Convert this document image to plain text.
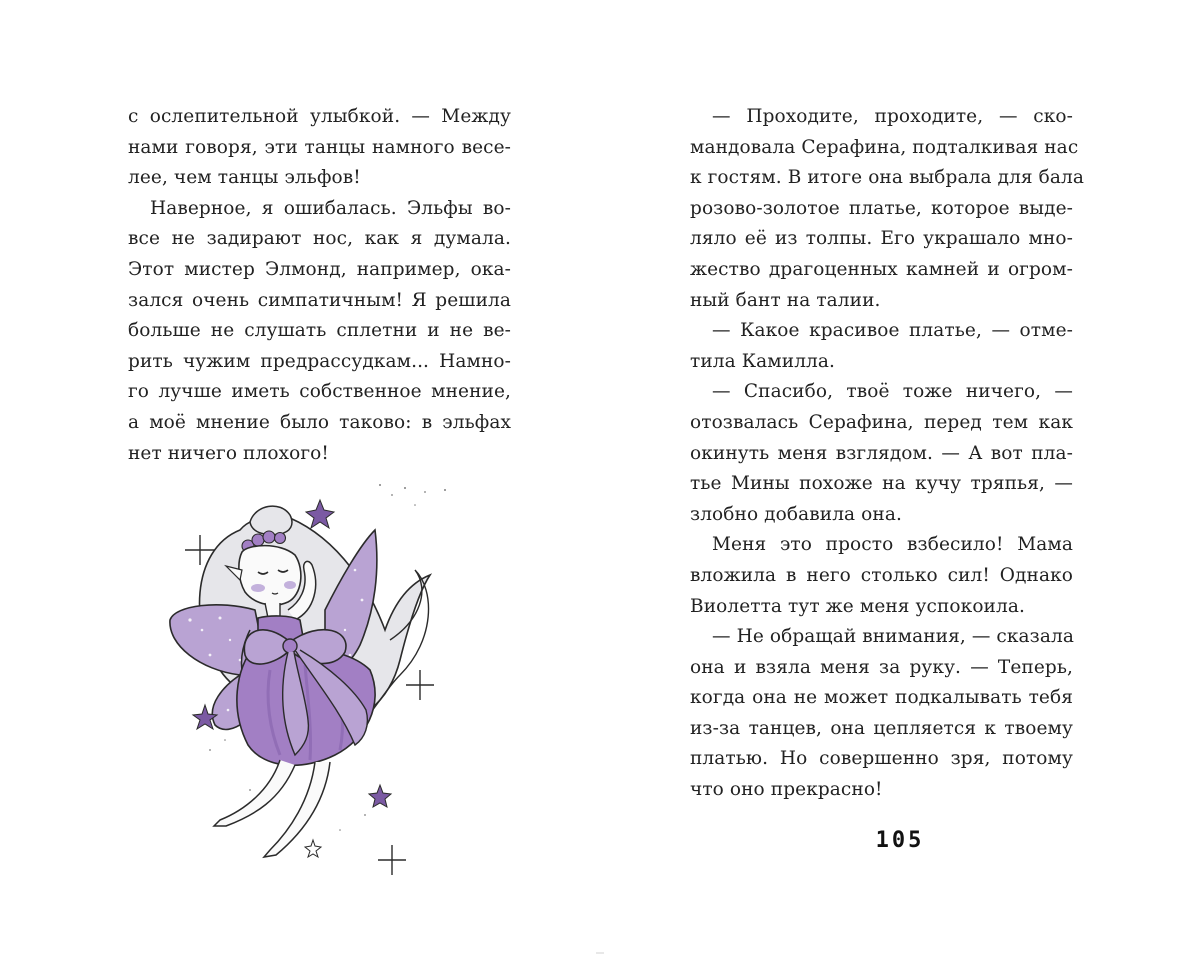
с ослепительной улыбкой. — Между
нами говоря, эти танцы намного весе-
лее, чем танцы эльфов!
Наверное, я ошибалась. Эльфы во-
все не задирают нос, как я думала.
Этот мистер Элмонд, например, ока-
зался очень симпатичным! Я решила
больше не слушать сплетни и не ве-
рить чужим предрассудкам... Намно-
го лучше иметь собственное мнение,
а моё мнение было таково: в эльфах
нет ничего плохого!
— Проходите, проходите, — ско-
мандовала Серафина, подталкивая нас
к гостям. В итоге она выбрала для бала
розово-золотое платье, которое выде-
ляло её из толпы. Его украшало мно-
жество драгоценных камней и огром-
ный бант на талии.
— Какое красивое платье, — отме-
тила Камилла.
— Спасибо, твоё тоже ничего, —
отозвалась Серафина, перед тем как
окинуть меня взглядом. — А вот пла-
тье Мины похоже на кучу тряпья, —
злобно добавила она.
Меня это просто взбесило! Мама
вложила в него столько сил! Однако
Виолетта тут же меня успокоила.
— Не обращай внимания, — сказала
она и взяла меня за руку. — Теперь,
когда она не может подкалывать тебя
из-за танцев, она цепляется к твоему
платью. Но совершенно зря, потому
что оно прекрасно!
105
